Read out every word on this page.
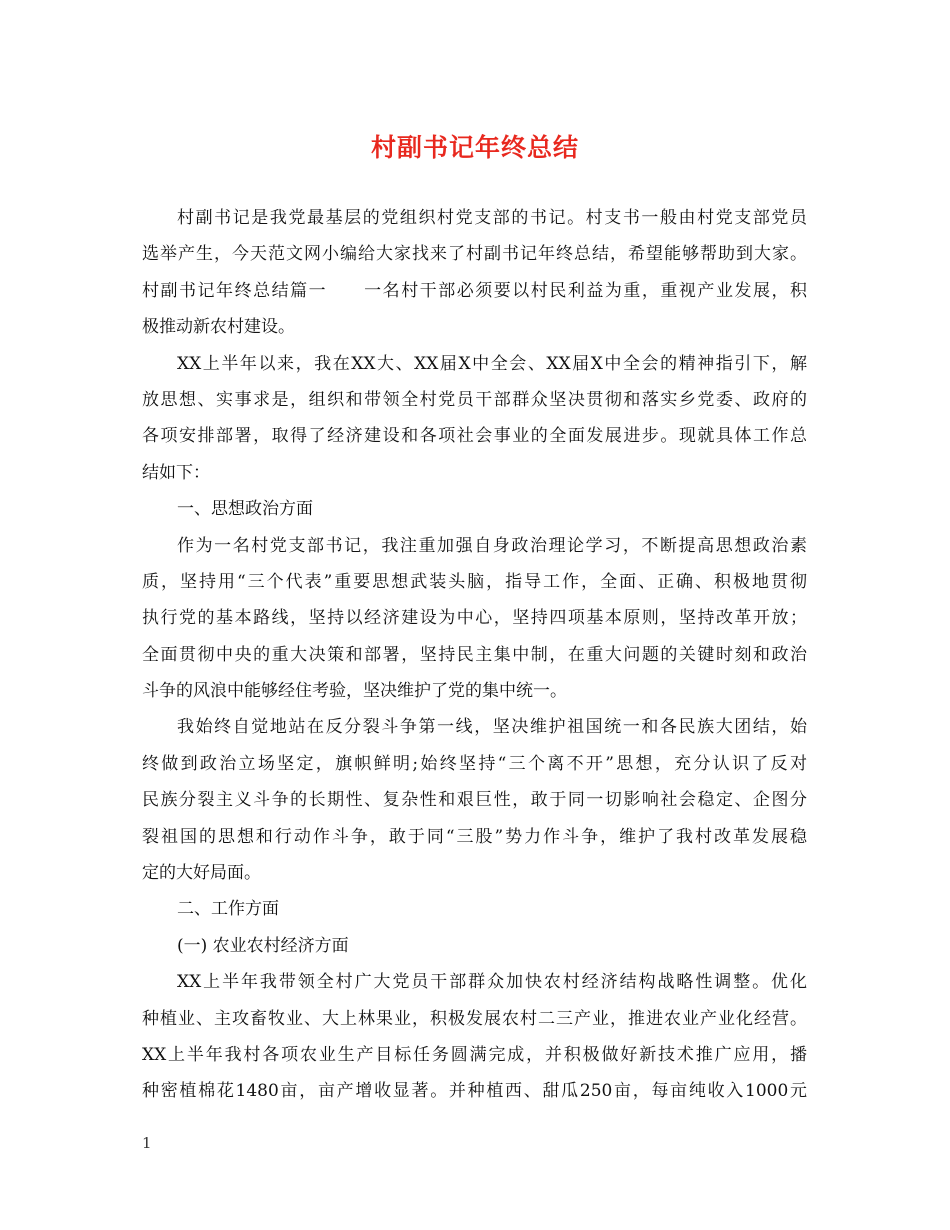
村副书记年终总结
村副书记是我党最基层的党组织村党支部的书记。村支书一般由村党支部党员
选举产生，今天范文网小编给大家找来了村副书记年终总结，希望能够帮助到大家。
村副书记年终总结篇一　　一名村干部必须要以村民利益为重，重视产业发展，积
极推动新农村建设。
XX上半年以来，我在XX大、XX届X中全会、XX届X中全会的精神指引下，解
放思想、实事求是，组织和带领全村党员干部群众坚决贯彻和落实乡党委、政府的
各项安排部署，取得了经济建设和各项社会事业的全面发展进步。现就具体工作总
结如下：
一、思想政治方面
作为一名村党支部书记，我注重加强自身政治理论学习，不断提高思想政治素
质，坚持用“三个代表”重要思想武装头脑，指导工作，全面、正确、积极地贯彻
执行党的基本路线，坚持以经济建设为中心，坚持四项基本原则，坚持改革开放；
全面贯彻中央的重大决策和部署，坚持民主集中制，在重大问题的关键时刻和政治
斗争的风浪中能够经住考验，坚决维护了党的集中统一。
我始终自觉地站在反分裂斗争第一线，坚决维护祖国统一和各民族大团结，始
终做到政治立场坚定，旗帜鲜明;始终坚持“三个离不开”思想，充分认识了反对
民族分裂主义斗争的长期性、复杂性和艰巨性，敢于同一切影响社会稳定、企图分
裂祖国的思想和行动作斗争，敢于同“三股”势力作斗争，维护了我村改革发展稳
定的大好局面。
二、工作方面
(一) 农业农村经济方面
XX上半年我带领全村广大党员干部群众加快农村经济结构战略性调整。优化
种植业、主攻畜牧业、大上林果业，积极发展农村二三产业，推进农业产业化经营。
XX上半年我村各项农业生产目标任务圆满完成，并积极做好新技术推广应用，播
种密植棉花1480亩，亩产增收显著。并种植西、甜瓜250亩，每亩纯收入1000元
1
